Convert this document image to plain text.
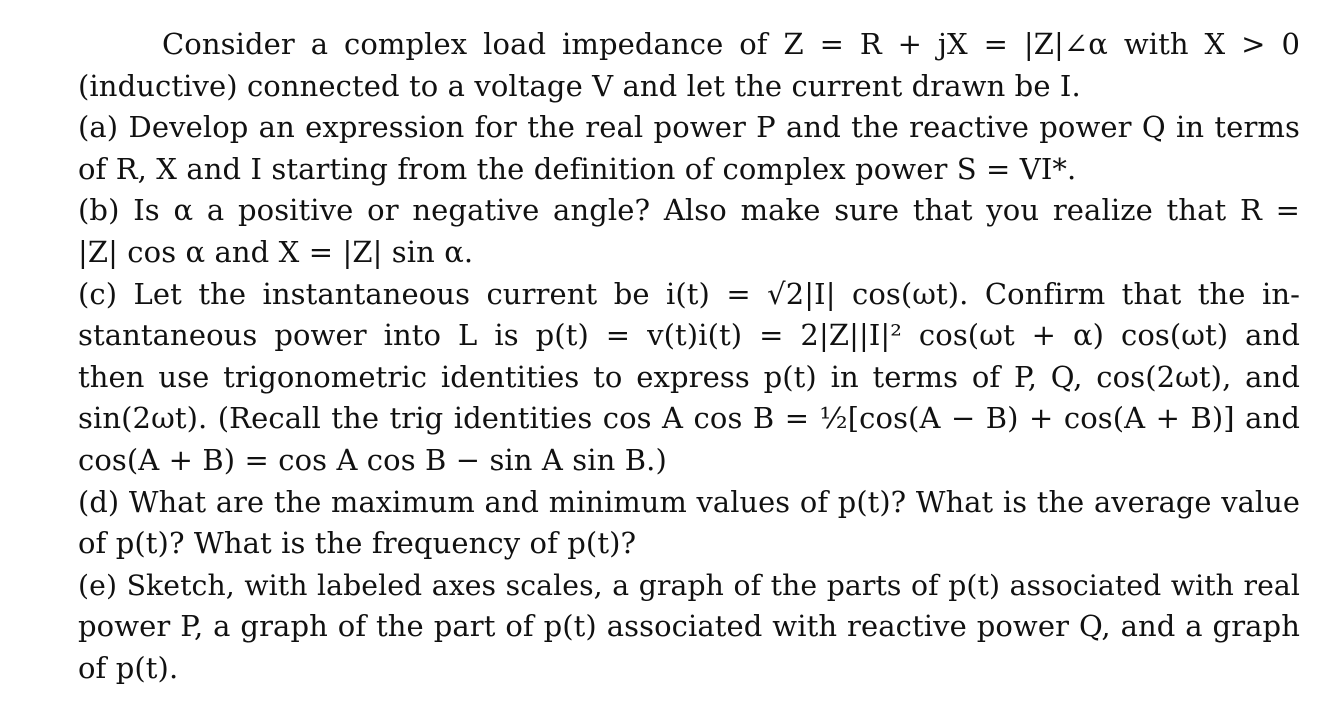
Consider a complex load impedance of Z = R + jX = |Z|∠α with X > 0
(inductive) connected to a voltage V and let the current drawn be I.
(a) Develop an expression for the real power P and the reactive power Q in terms
of R, X and I starting from the definition of complex power S = VI*.
(b) Is α a positive or negative angle? Also make sure that you realize that R =
|Z| cos α and X = |Z| sin α.
(c) Let the instantaneous current be i(t) = √2|I| cos(ωt). Confirm that the in-
stantaneous power into L is p(t) = v(t)i(t) = 2|Z||I|² cos(ωt + α) cos(ωt) and
then use trigonometric identities to express p(t) in terms of P, Q, cos(2ωt), and
sin(2ωt). (Recall the trig identities cos A cos B = ½[cos(A − B) + cos(A + B)] and
cos(A + B) = cos A cos B − sin A sin B.)
(d) What are the maximum and minimum values of p(t)? What is the average value
of p(t)? What is the frequency of p(t)?
(e) Sketch, with labeled axes scales, a graph of the parts of p(t) associated with real
power P, a graph of the part of p(t) associated with reactive power Q, and a graph
of p(t).
